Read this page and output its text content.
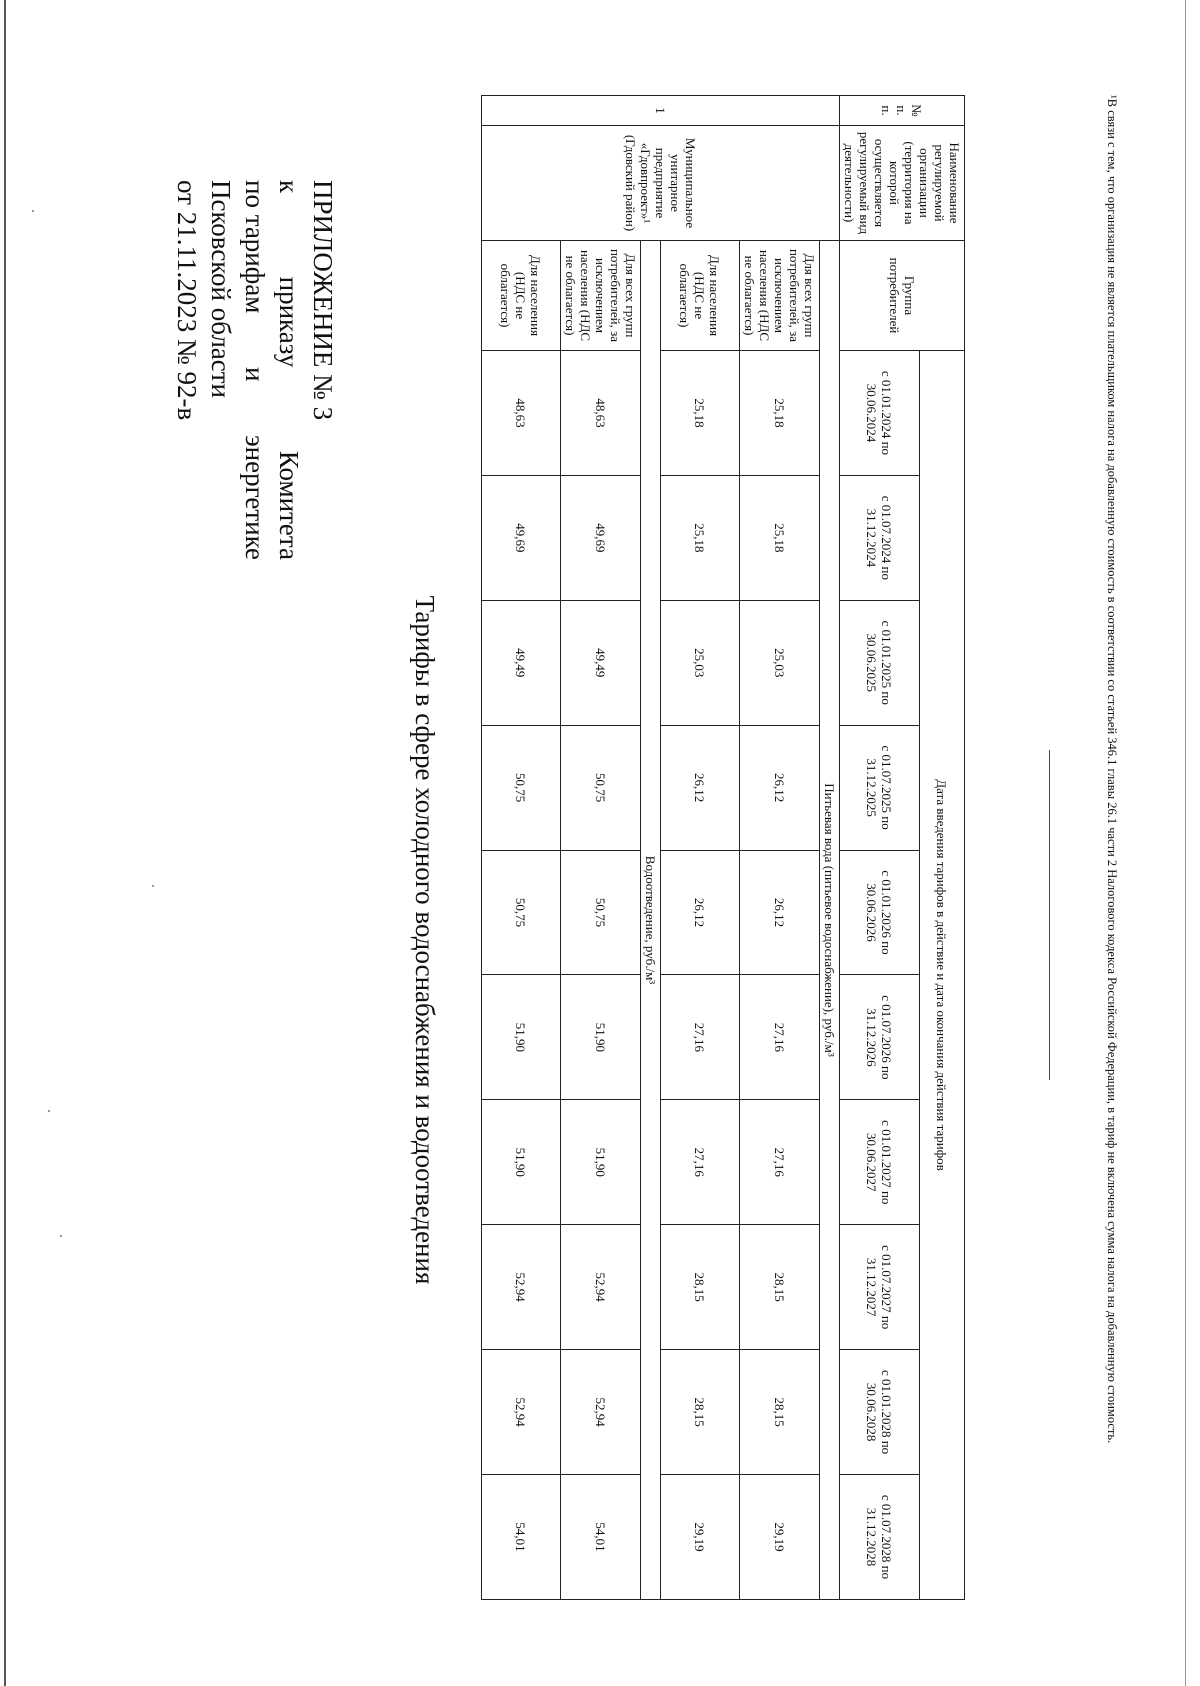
ПРИЛОЖЕНИЕ № 3
к
приказу
Комитета
по тарифам
и
энергетике
Псковской области
от 21.11.2023 № 92-в
Тарифы в сфере холодного водоснабжения и водоотведения	¹В связи с тем, что организация не является плательщиком налога на добавленную стоимость в соответствии со статьей 346.1 главы 26.1 части 2 Налогового кодекса Российской Федерации, в тариф не включена сумма налога на добавленную стоимость.
№ п. п.	Наименование регулируемой организации (территория на которой осуществляется регулируемый вид деятельности)	Группа потребителей	Дата введения тарифов в действие и дата окончания действия тарифов									
			с 01.01.2024 по 30.06.2024	с 01.07.2024 по 31.12.2024	с 01.01.2025 по 30.06.2025	с 01.07.2025 по 31.12.2025	с 01.01.2026 по 30.06.2026	с 01.07.2026 по 31.12.2026	с 01.01.2027 по 30.06.2027	с 01.07.2027 по 31.12.2027	с 01.01.2028 по 30.06.2028	с 01.07.2028 по 31.12.2028
1	Муниципальное унитарное предприятие «Гдовпроект»¹ (Гдовский район)	Питьевая вода (питьевое водоснабжение), руб./м³										
		Для всех групп потребителей, за исключением населения (НДС не облагается)	25,18	25,18	25,03	26,12	26,12	27,16	27,16	28,15	28,15	29,19
		Для населения (НДС не облагается)	25,18	25,18	25,03	26,12	26,12	27,16	27,16	28,15	28,15	29,19
		Водоотведение, руб./м³										
		Для всех групп потребителей, за исключением населения (НДС не облагается)	48,63	49,69	49,49	50,75	50,75	51,90	51,90	52,94	52,94	54,01
		Для населения (НДС не облагается)	48,63	49,69	49,49	50,75	50,75	51,90	51,90	52,94	52,94	54,01
